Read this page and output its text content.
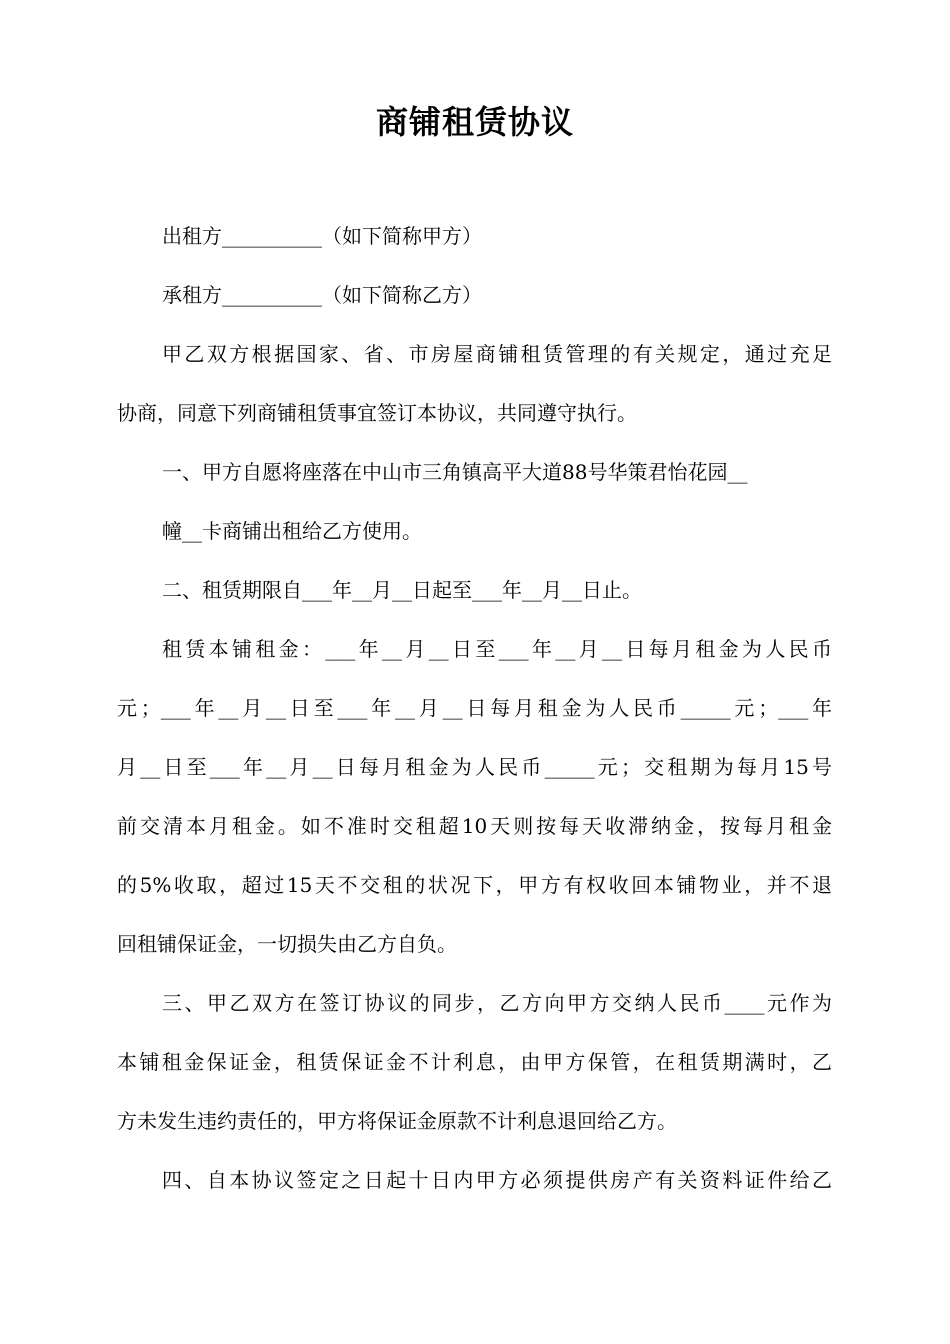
商铺租赁协议
出租方__________（如下简称甲方）
承租方__________（如下简称乙方）
甲乙双方根据国家、省、市房屋商铺租赁管理的有关规定，通过充足
协商，同意下列商铺租赁事宜签订本协议，共同遵守执行。
一、甲方自愿将座落在中山市三角镇高平大道88号华策君怡花园__
幢__卡商铺出租给乙方使用。
二、租赁期限自___年__月__日起至___年__月__日止。
租赁本铺租金：___年__月__日至___年__月__日每月租金为人民币
元；___年__月__日至___年__月__日每月租金为人民币_____元；___年
月__日至___年__月__日每月租金为人民币_____元；交租期为每月15号
前交清本月租金。如不准时交租超10天则按每天收滞纳金，按每月租金
的5%收取，超过15天不交租的状况下，甲方有权收回本铺物业，并不退
回租铺保证金，一切损失由乙方自负。
三、甲乙双方在签订协议的同步，乙方向甲方交纳人民币____元作为
本铺租金保证金，租赁保证金不计利息，由甲方保管，在租赁期满时，乙
方未发生违约责任的，甲方将保证金原款不计利息退回给乙方。
四、自本协议签定之日起十日内甲方必须提供房产有关资料证件给乙
